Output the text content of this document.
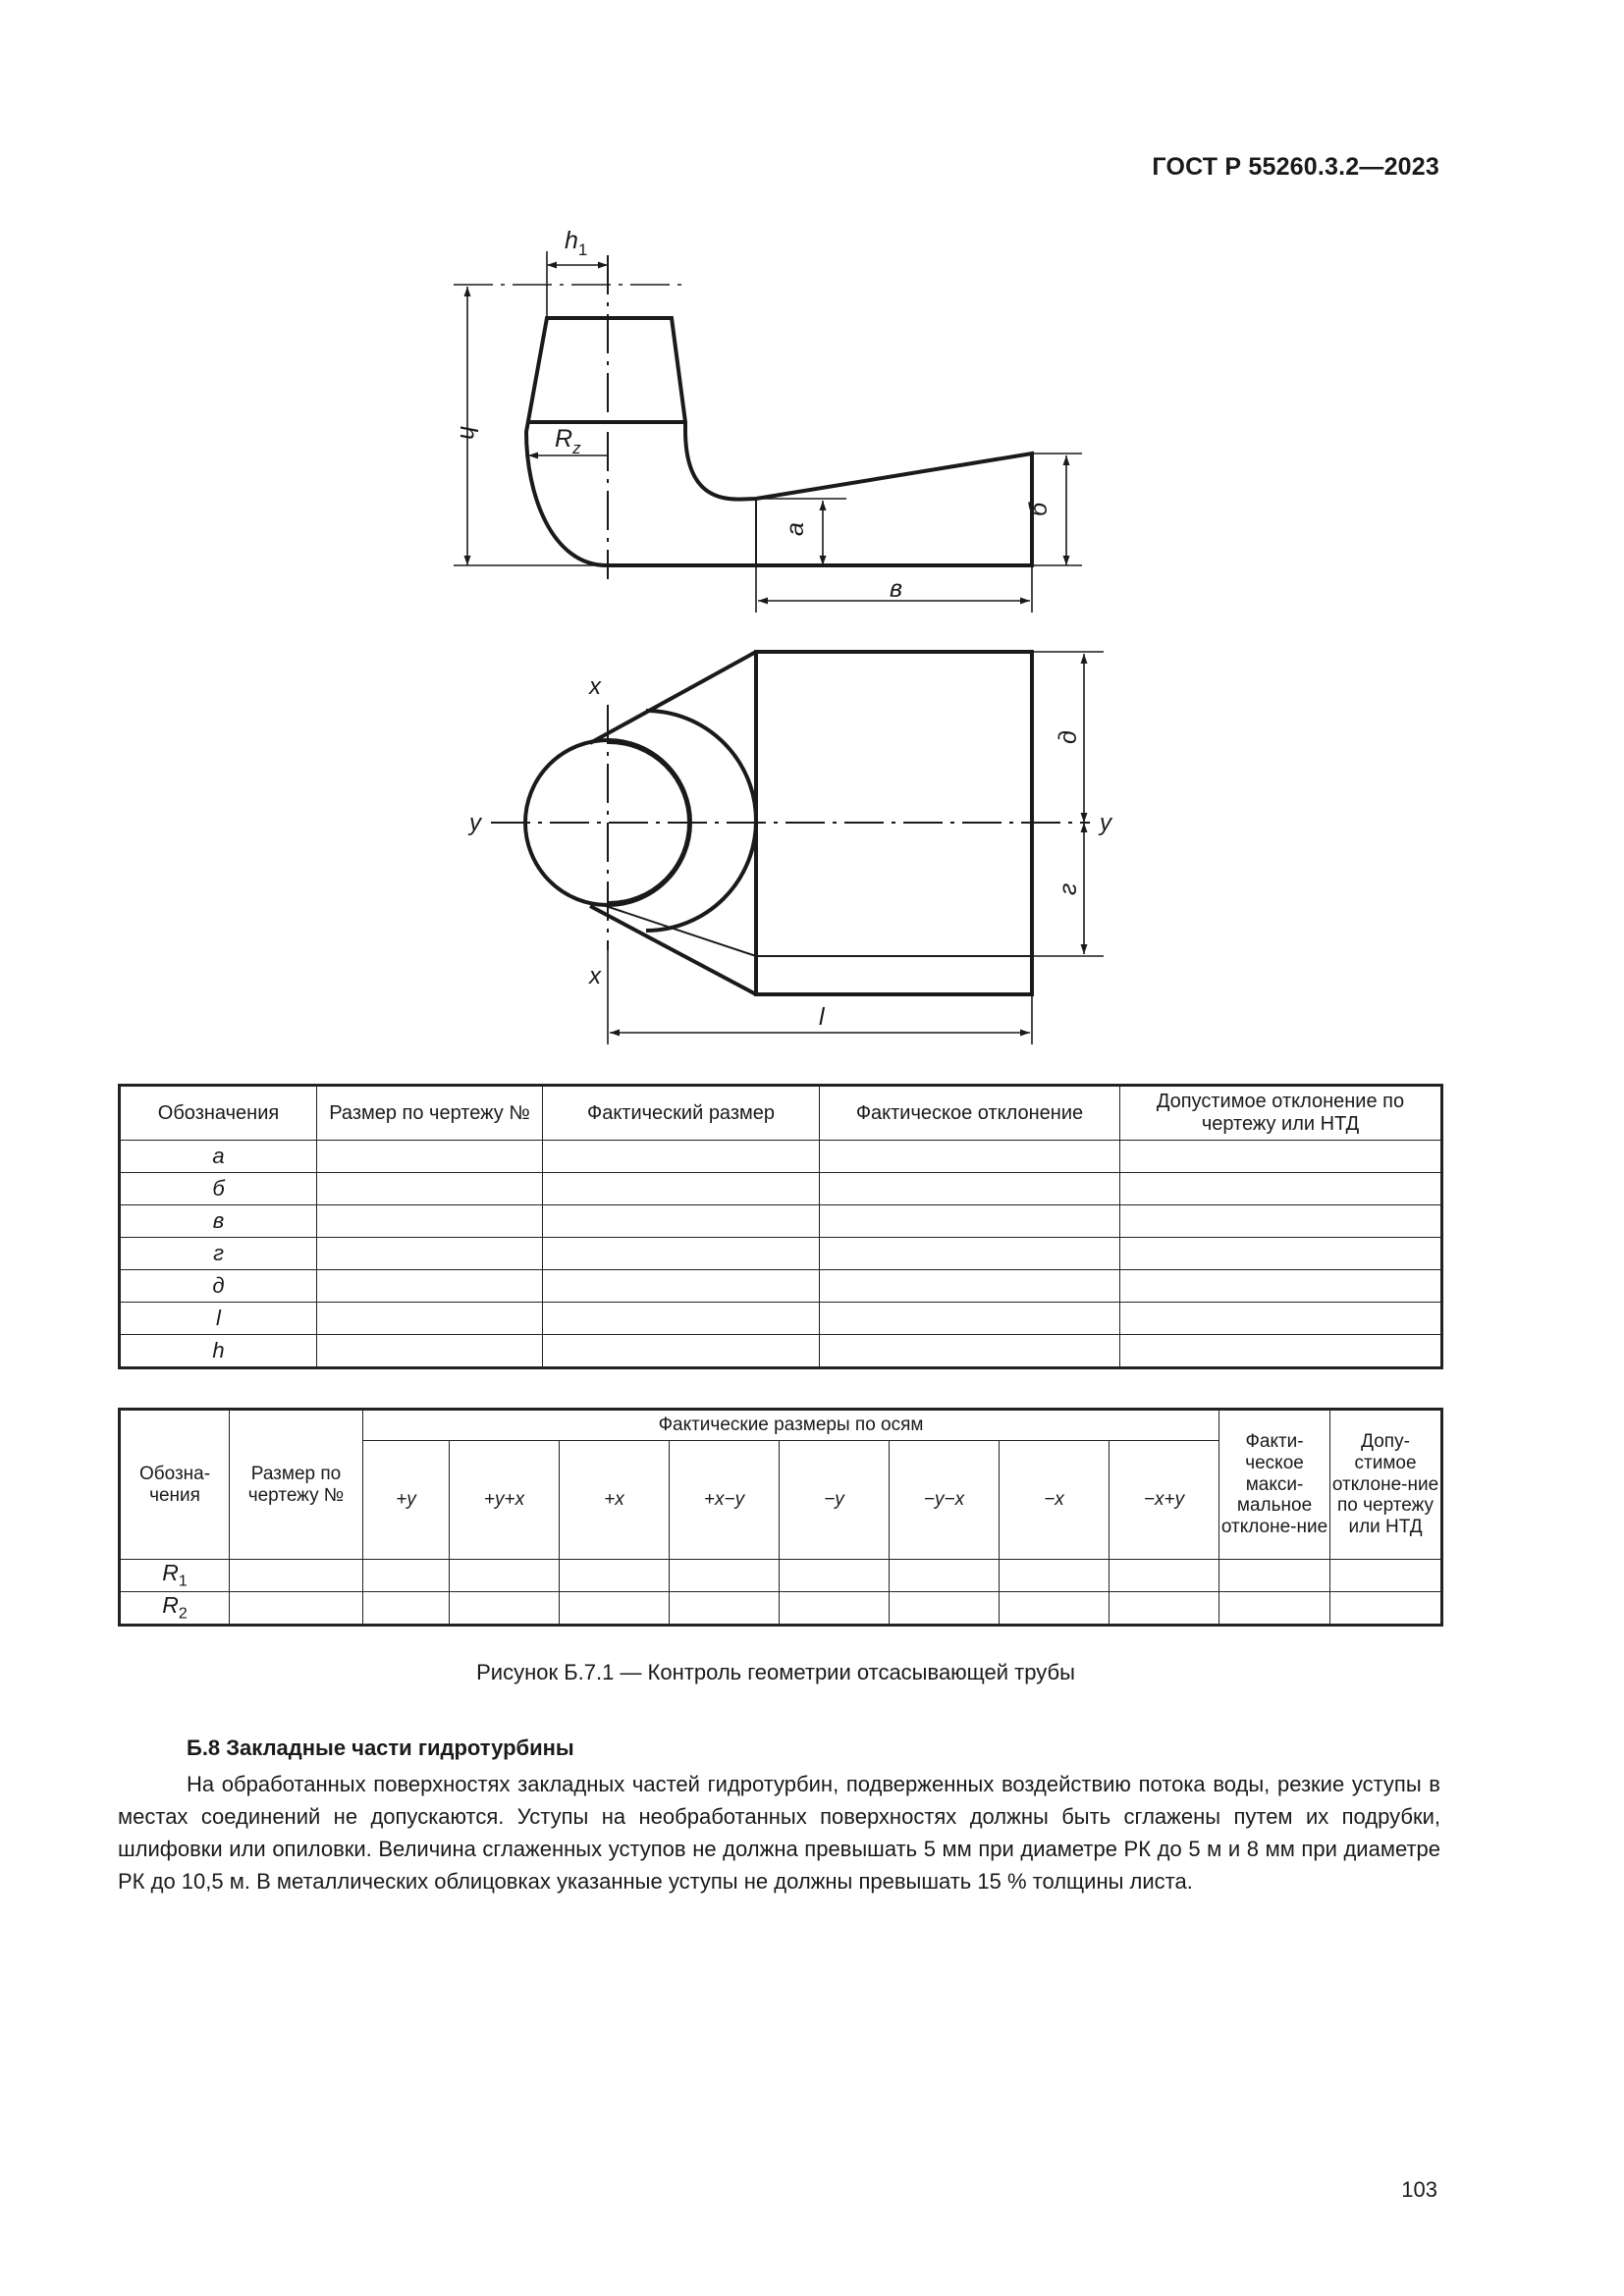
ГОСТ Р 55260.3.2—2023
$h_1$
h	$R_z$
а
б
в
x
x
y	y
д
г
l
Обозначения	Размер по чертежу №	Фактический размер	Фактическое отклонение	Допустимое отклонение по чертежу или НТД
а				
б				
в				
г				
д				
l				
h				
Обозна-чения	Размер по чертежу №	Фактические размеры по осям								Факти-ческое макси-мальное отклоне-ние	Допу-стимое отклоне-ние по чертежу или НТД
		+y	+y+x	+x	+x−y	−y	−y−x	−x	−x+y		
$R_1$											
$R_2$											
Рисунок Б.7.1 — Контроль геометрии отсасывающей трубы
Б.8 Закладные части гидротурбины

На обработанных поверхностях закладных частей гидротурбин, подверженных воздействию потока воды, резкие уступы в местах соединений не допускаются. Уступы на необработанных поверхностях должны быть сглажены путем их подрубки, шлифовки или опиловки. Величина сглаженных уступов не должна превышать 5 мм при диаметре РК до 5 м и 8 мм при диаметре РК до 10,5 м. В металлических облицовках указанные уступы не должны превышать 15 % толщины листа.

103
